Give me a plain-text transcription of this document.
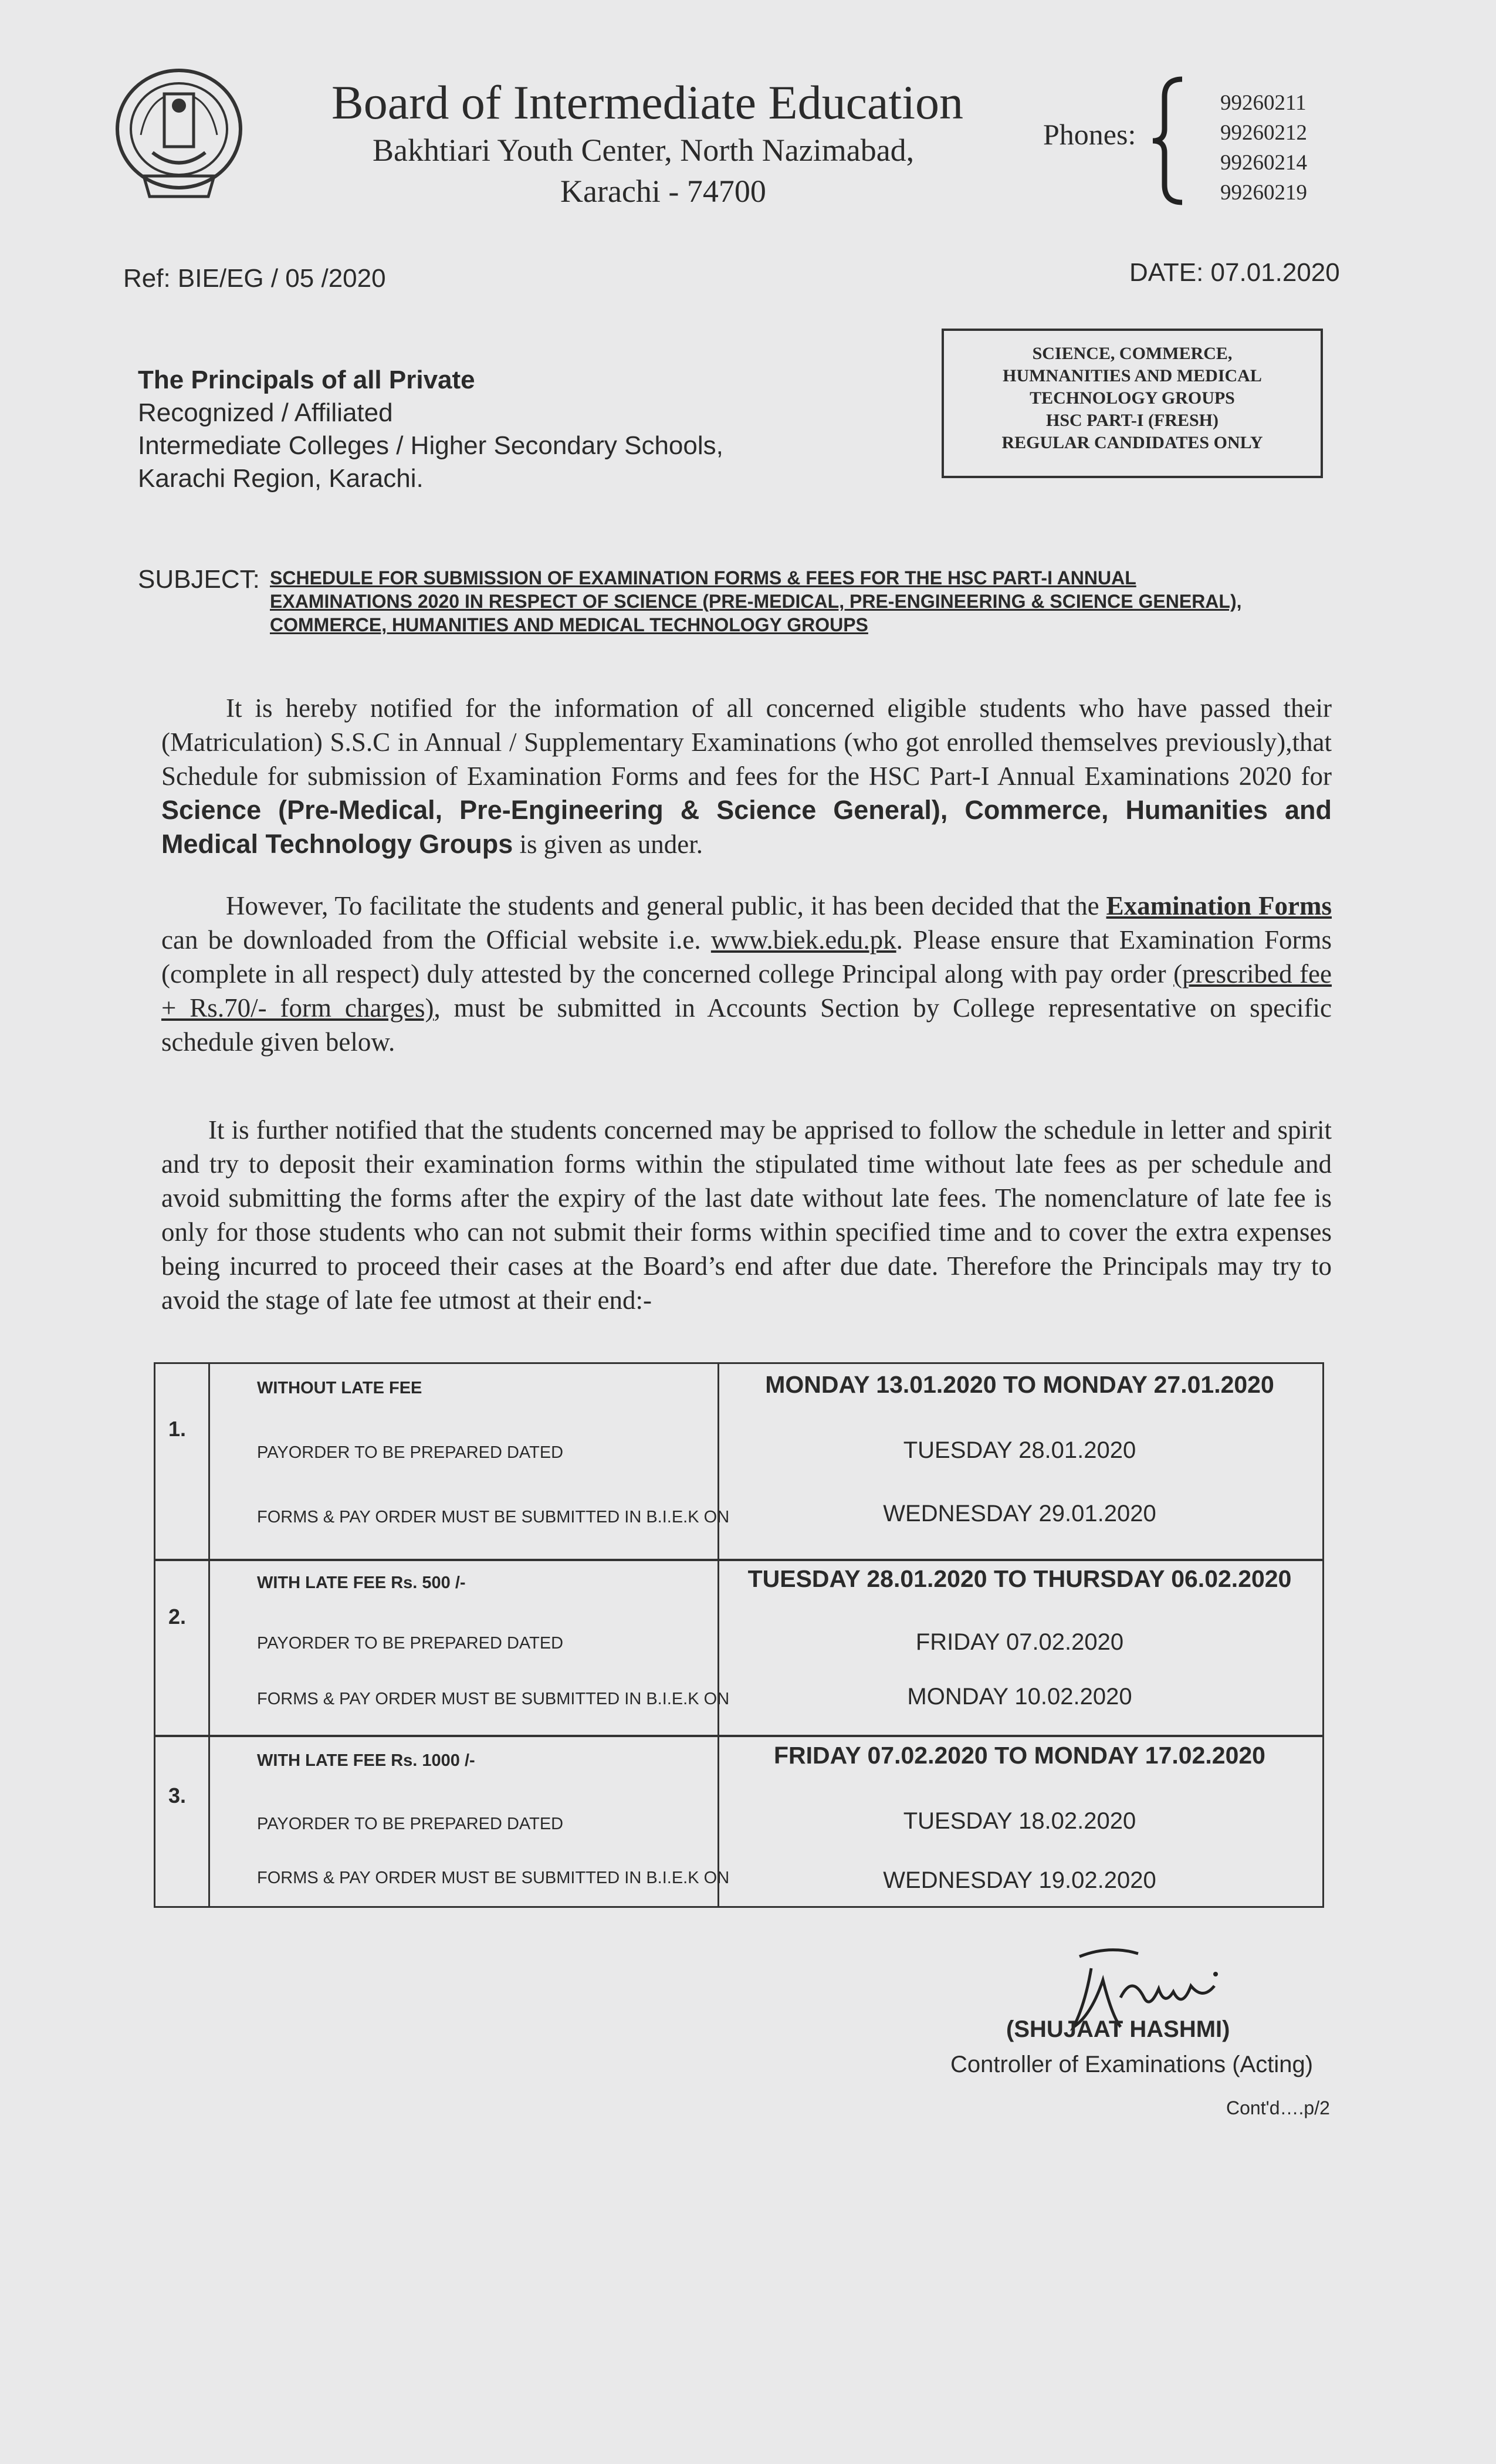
Board of Intermediate Education
Bakhtiari Youth Center, North Nazimabad,
Karachi - 74700
Phones:
99260211
99260212
99260214
99260219
Ref: BIE/EG / 05 /2020	DATE: 07.01.2020
SCIENCE, COMMERCE,
HUMNANITIES AND MEDICAL
TECHNOLOGY GROUPS
HSC PART-I (FRESH)
REGULAR CANDIDATES ONLY
The Principals of all Private
Recognized / Affiliated
Intermediate Colleges / Higher Secondary Schools,
Karachi Region, Karachi.
SUBJECT: SCHEDULE FOR SUBMISSION OF EXAMINATION FORMS & FEES FOR THE HSC PART-I ANNUAL
EXAMINATIONS 2020 IN RESPECT OF SCIENCE (PRE-MEDICAL, PRE-ENGINEERING & SCIENCE GENERAL),
COMMERCE, HUMANITIES AND MEDICAL TECHNOLOGY GROUPS
It is hereby notified for the information of all concerned eligible students who have passed their (Matriculation) S.S.C in Annual / Supplementary Examinations (who got enrolled themselves previously),that Schedule for submission of Examination Forms and fees for the HSC Part-I Annual Examinations 2020 for Science (Pre-Medical, Pre-Engineering & Science General), Commerce, Humanities and Medical Technology Groups is given as under.
However, To facilitate the students and general public, it has been decided that the Examination Forms can be downloaded from the Official website i.e. www.biek.edu.pk. Please ensure that Examination Forms (complete in all respect) duly attested by the concerned college Principal along with pay order (prescribed fee + Rs.70/- form charges), must be submitted in Accounts Section by College representative on specific schedule given below.
It is further notified that the students concerned may be apprised to follow the schedule in letter and spirit and try to deposit their examination forms within the stipulated time without late fees as per schedule and avoid submitting the forms after the expiry of the last date without late fees. The nomenclature of late fee is only for those students who can not submit their forms within specified time and to cover the extra expenses being incurred to proceed their cases at the Board’s end after due date. Therefore the Principals may try to avoid the stage of late fee utmost at their end:-
1.
WITHOUT LATE FEE	MONDAY 13.01.2020 TO MONDAY 27.01.2020
PAYORDER TO BE PREPARED DATED	TUESDAY 28.01.2020
FORMS & PAY ORDER MUST BE SUBMITTED IN B.I.E.K ON	WEDNESDAY 29.01.2020
2.
WITH LATE FEE Rs. 500 /-	TUESDAY 28.01.2020 TO THURSDAY 06.02.2020
PAYORDER TO BE PREPARED DATED	FRIDAY 07.02.2020
FORMS & PAY ORDER MUST BE SUBMITTED IN B.I.E.K ON	MONDAY 10.02.2020
3.
WITH LATE FEE Rs. 1000 /-	FRIDAY 07.02.2020 TO MONDAY 17.02.2020
PAYORDER TO BE PREPARED DATED	TUESDAY 18.02.2020
FORMS & PAY ORDER MUST BE SUBMITTED IN B.I.E.K ON	WEDNESDAY 19.02.2020
(SHUJAAT HASHMI)
Controller of Examinations (Acting)
Cont'd….p/2
